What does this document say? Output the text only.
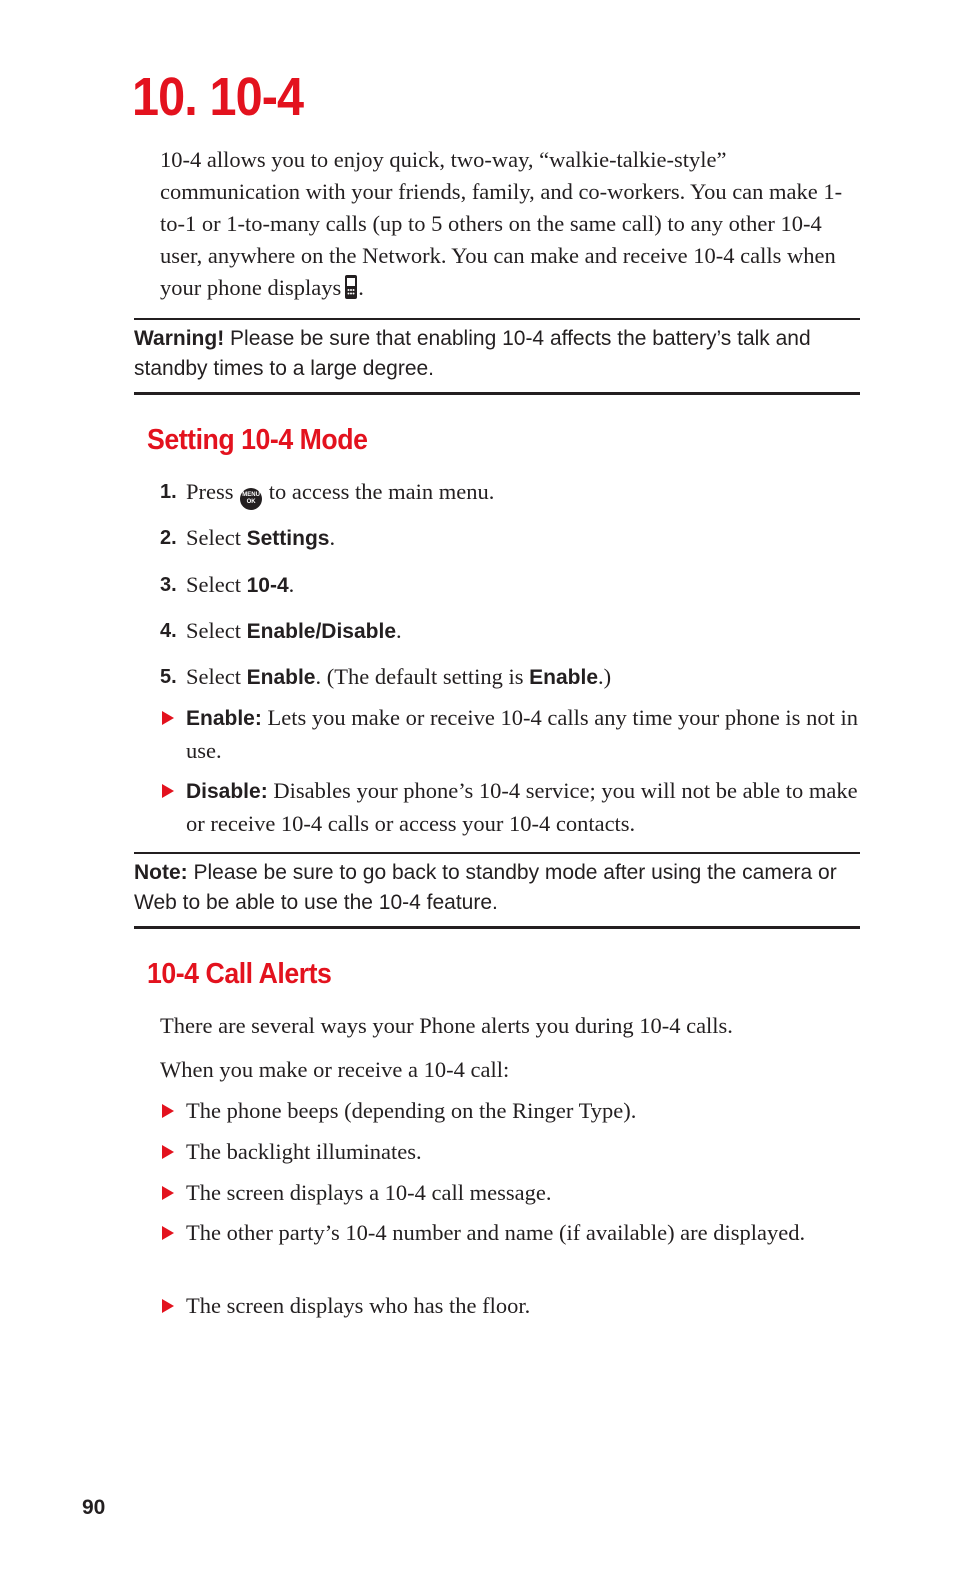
10. 10-4

10-4 allows you to enjoy quick, two-way, “walkie-talkie-style” communication with your friends, family, and co-workers. You can make 1-to-1 or 1-to-many calls (up to 5 others on the same call) to any other 10-4 user, anywhere on the Network. You can make and receive 10-4 calls when your phone displays .

Warning! Please be sure that enabling 10-4 affects the battery’s talk and standby times to a large degree.
Setting 10-4 Mode
1. Press MENU
OK to access the main menu.
2. Select Settings.
3. Select 10-4.
4. Select Enable/Disable.
5. Select Enable. (The default setting is Enable.)
Enable: Lets you make or receive 10-4 calls any time your phone is not in use.
Disable: Disables your phone’s 10-4 service; you will not be able to make or receive 10-4 calls or access your 10-4 contacts.
Note: Please be sure to go back to standby mode after using the camera or Web to be able to use the 10-4 feature.
10-4 Call Alerts
There are several ways your Phone alerts you during 10-4 calls.
When you make or receive a 10-4 call:
The phone beeps (depending on the Ringer Type).
The backlight illuminates.
The screen displays a 10-4 call message.
The other party’s 10-4 number and name (if available) are displayed.
The screen displays who has the floor.
90
